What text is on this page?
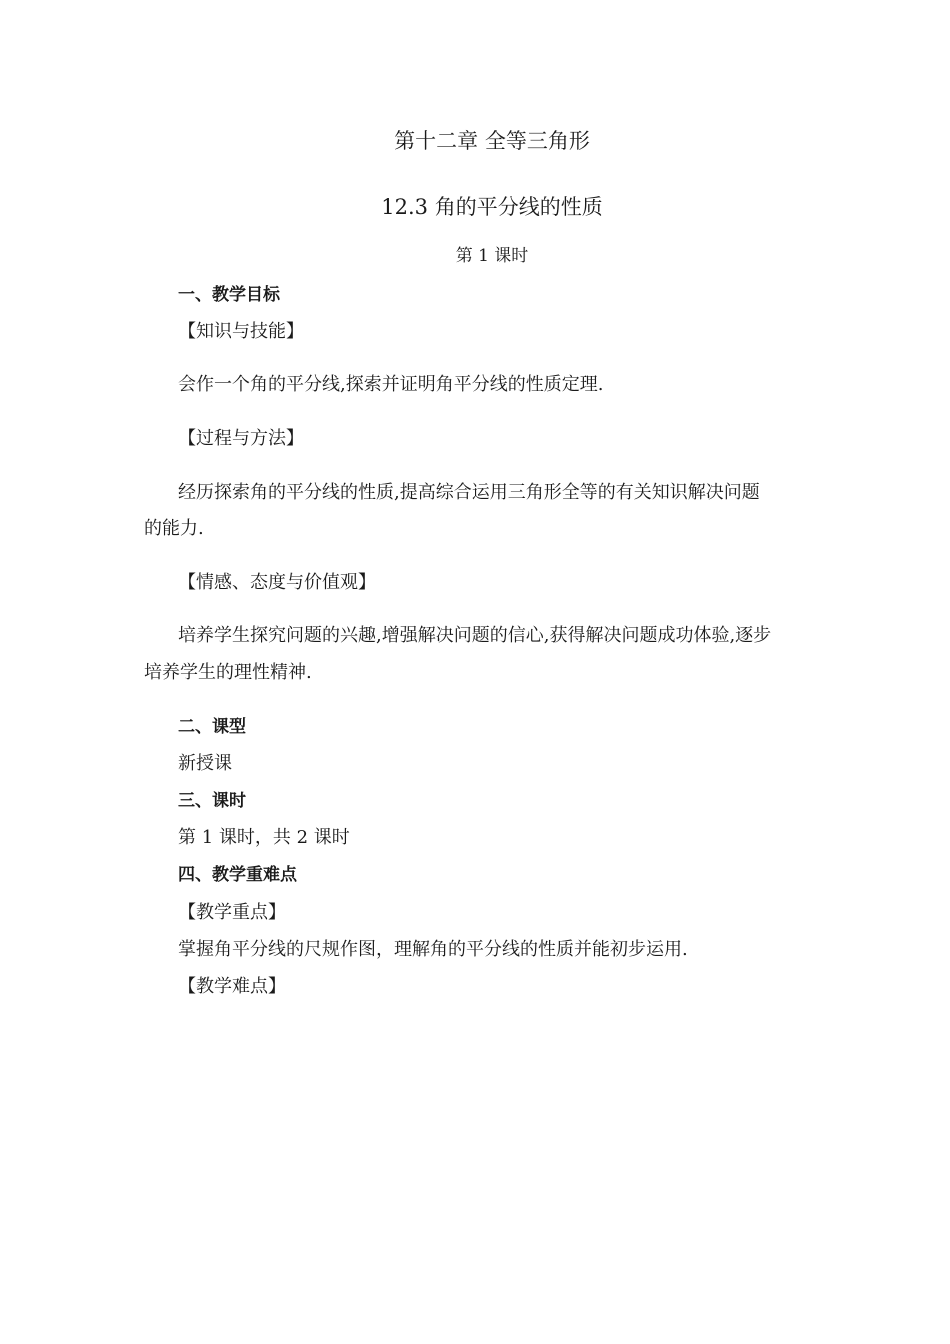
第十二章 全等三角形
12.3 角的平分线的性质
第 1 课时
一、教学目标
【知识与技能】
会作一个角的平分线,探索并证明角平分线的性质定理.
【过程与方法】
经历探索角的平分线的性质,提高综合运用三角形全等的有关知识解决问题
的能力.
【情感、态度与价值观】
培养学生探究问题的兴趣,增强解决问题的信心,获得解决问题成功体验,逐步
培养学生的理性精神.
二、课型
新授课
三、课时
第 1 课时，共 2 课时
四、教学重难点
【教学重点】
掌握角平分线的尺规作图，理解角的平分线的性质并能初步运用.
【教学难点】
